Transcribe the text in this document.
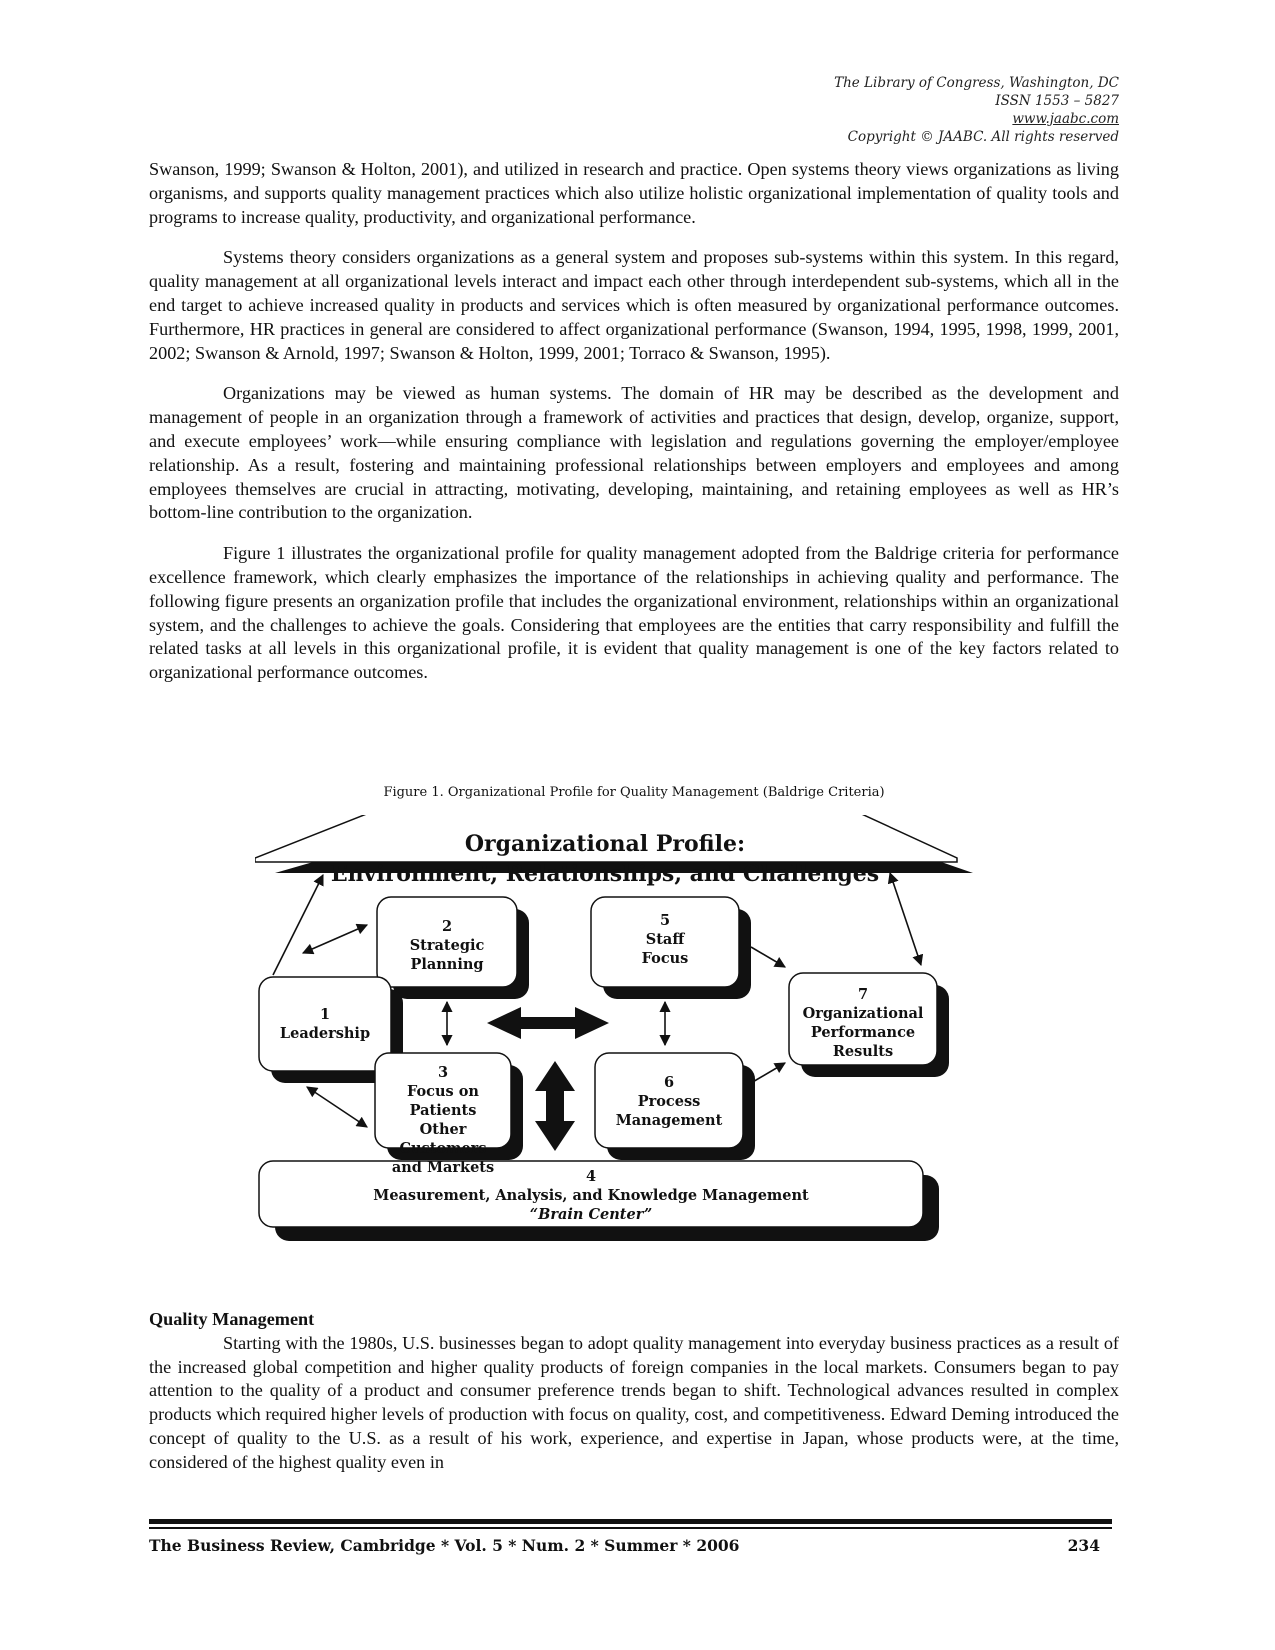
The Library of Congress, Washington, DC
ISSN 1553 – 5827
www.jaabc.com
Copyright © JAABC. All rights reserved

Swanson, 1999; Swanson & Holton, 2001), and utilized in research and practice. Open systems theory views organizations as living organisms, and supports quality management practices which also utilize holistic organizational implementation of quality tools and programs to increase quality, productivity, and organizational performance.

Systems theory considers organizations as a general system and proposes sub-systems within this system. In this regard, quality management at all organizational levels interact and impact each other through interdependent sub-systems, which all in the end target to achieve increased quality in products and services which is often measured by organizational performance outcomes. Furthermore, HR practices in general are considered to affect organizational performance (Swanson, 1994, 1995, 1998, 1999, 2001, 2002; Swanson & Arnold, 1997; Swanson & Holton, 1999, 2001; Torraco & Swanson, 1995).

Organizations may be viewed as human systems. The domain of HR may be described as the development and management of people in an organization through a framework of activities and practices that design, develop, organize, support, and execute employees’ work—while ensuring compliance with legislation and regulations governing the employer/employee relationship. As a result, fostering and maintaining professional relationships between employers and employees and among employees themselves are crucial in attracting, motivating, developing, maintaining, and retaining employees as well as HR’s bottom-line contribution to the organization.

Figure 1 illustrates the organizational profile for quality management adopted from the Baldrige criteria for performance excellence framework, which clearly emphasizes the importance of the relationships in achieving quality and performance. The following figure presents an organization profile that includes the organizational environment, relationships within an organizational system, and the challenges to achieve the goals. Considering that employees are the entities that carry responsibility and fulfill the related tasks at all levels in this organizational profile, it is evident that quality management is one of the key factors related to organizational performance outcomes.

Figure 1. Organizational Profile for Quality Management (Baldrige Criteria)
Organizational Profile:
Environment, Relationships, and Challenges
2
Strategic
Planning
1
Leadership
3
Focus on Patients
Other Customers
and Markets
5
Staff
Focus
6
Process
Management
7
Organizational
Performance
Results
4
Measurement, Analysis, and Knowledge Management
“Brain Center”
Quality Management

Starting with the 1980s, U.S. businesses began to adopt quality management into everyday business practices as a result of the increased global competition and higher quality products of foreign companies in the local markets. Consumers began to pay attention to the quality of a product and consumer preference trends began to shift. Technological advances resulted in complex products which required higher levels of production with focus on quality, cost, and competitiveness. Edward Deming introduced the concept of quality to the U.S. as a result of his work, experience, and expertise in Japan, whose products were, at the time, considered of the highest quality even in

The Business Review, Cambridge * Vol. 5 * Num. 2 * Summer * 2006	234
